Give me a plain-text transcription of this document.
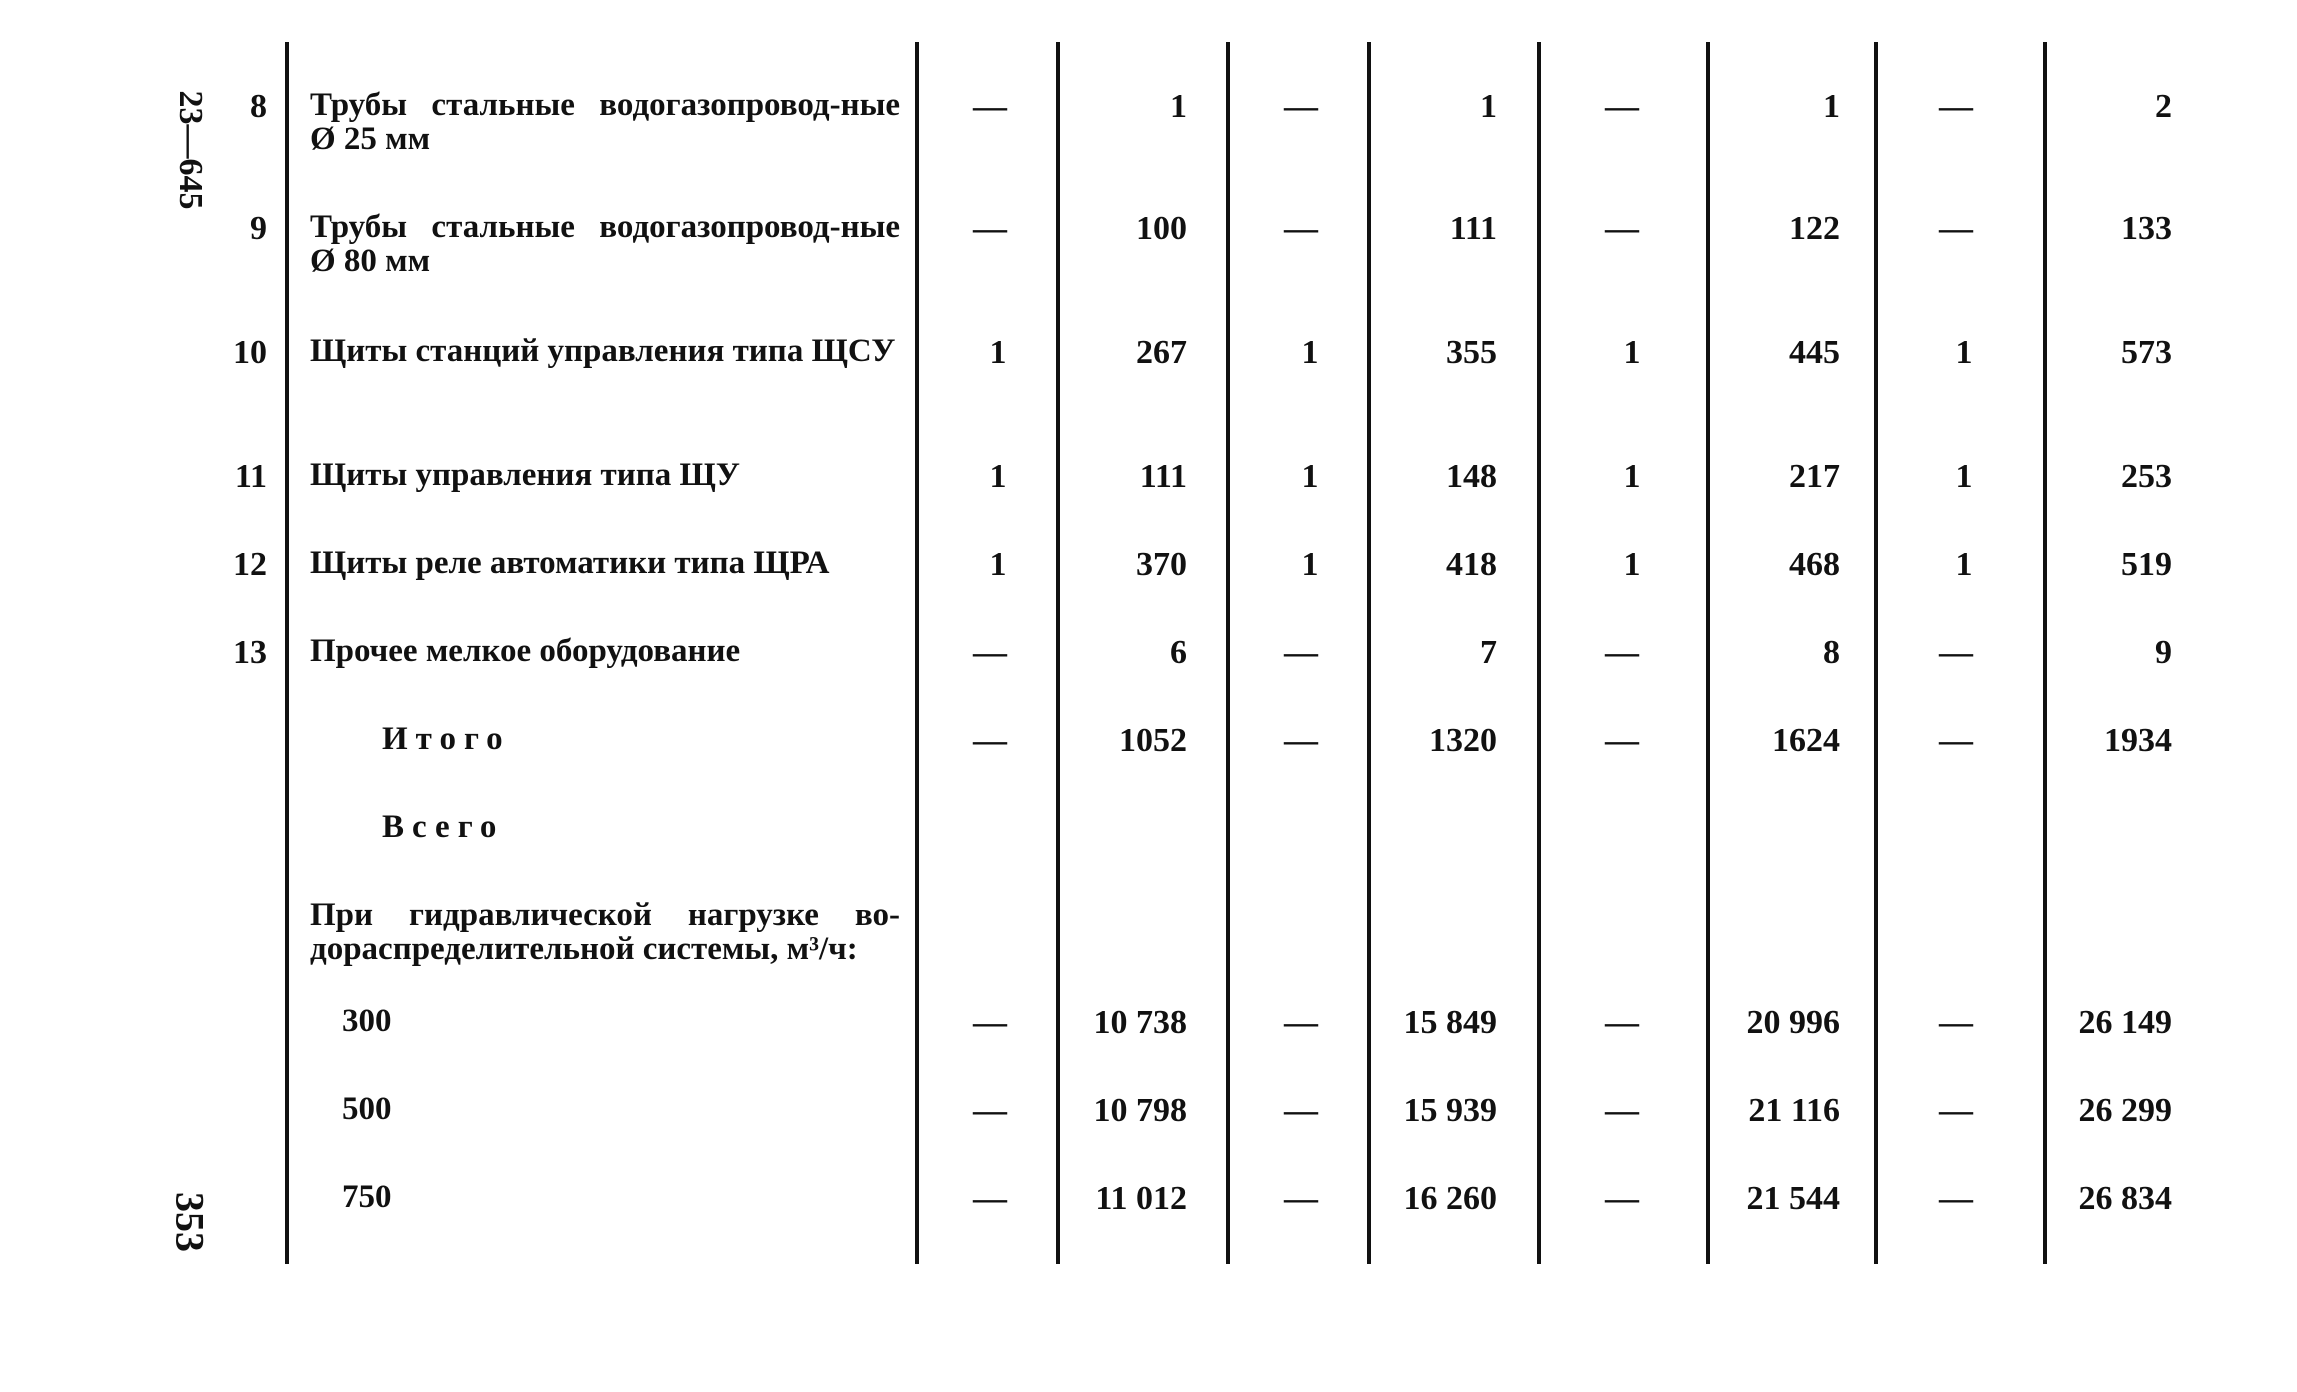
23—645
353
8 Трубы стальные водогазопровод-ные Ø 25 мм
—	1	—	1	—	1	—	2
9 Трубы стальные водогазопровод-ные Ø 80 мм
—	100	—	111	—	122	—	133
10 Щиты станций управления типа ЩСУ	1	267	1	355	1	445	1	573
11 Щиты управления типа ЩУ	1	111	1	148	1	217	1	253
12 Щиты реле автоматики типа ЩРА	1	370	1	418	1	468	1	519
13 Прочее мелкое оборудование	—	6	—	7	—	8	—	9
Итого	—	1052	—	1320	—	1624	—	1934
Всего
При гидравлической нагрузке во-дораспределительной системы, м³/ч:
300	—	10 738	—	15 849	—	20 996	—	26 149
500	—	10 798	—	15 939	—	21 116	—	26 299
750	—	11 012	—	16 260	—	21 544	—	26 834
